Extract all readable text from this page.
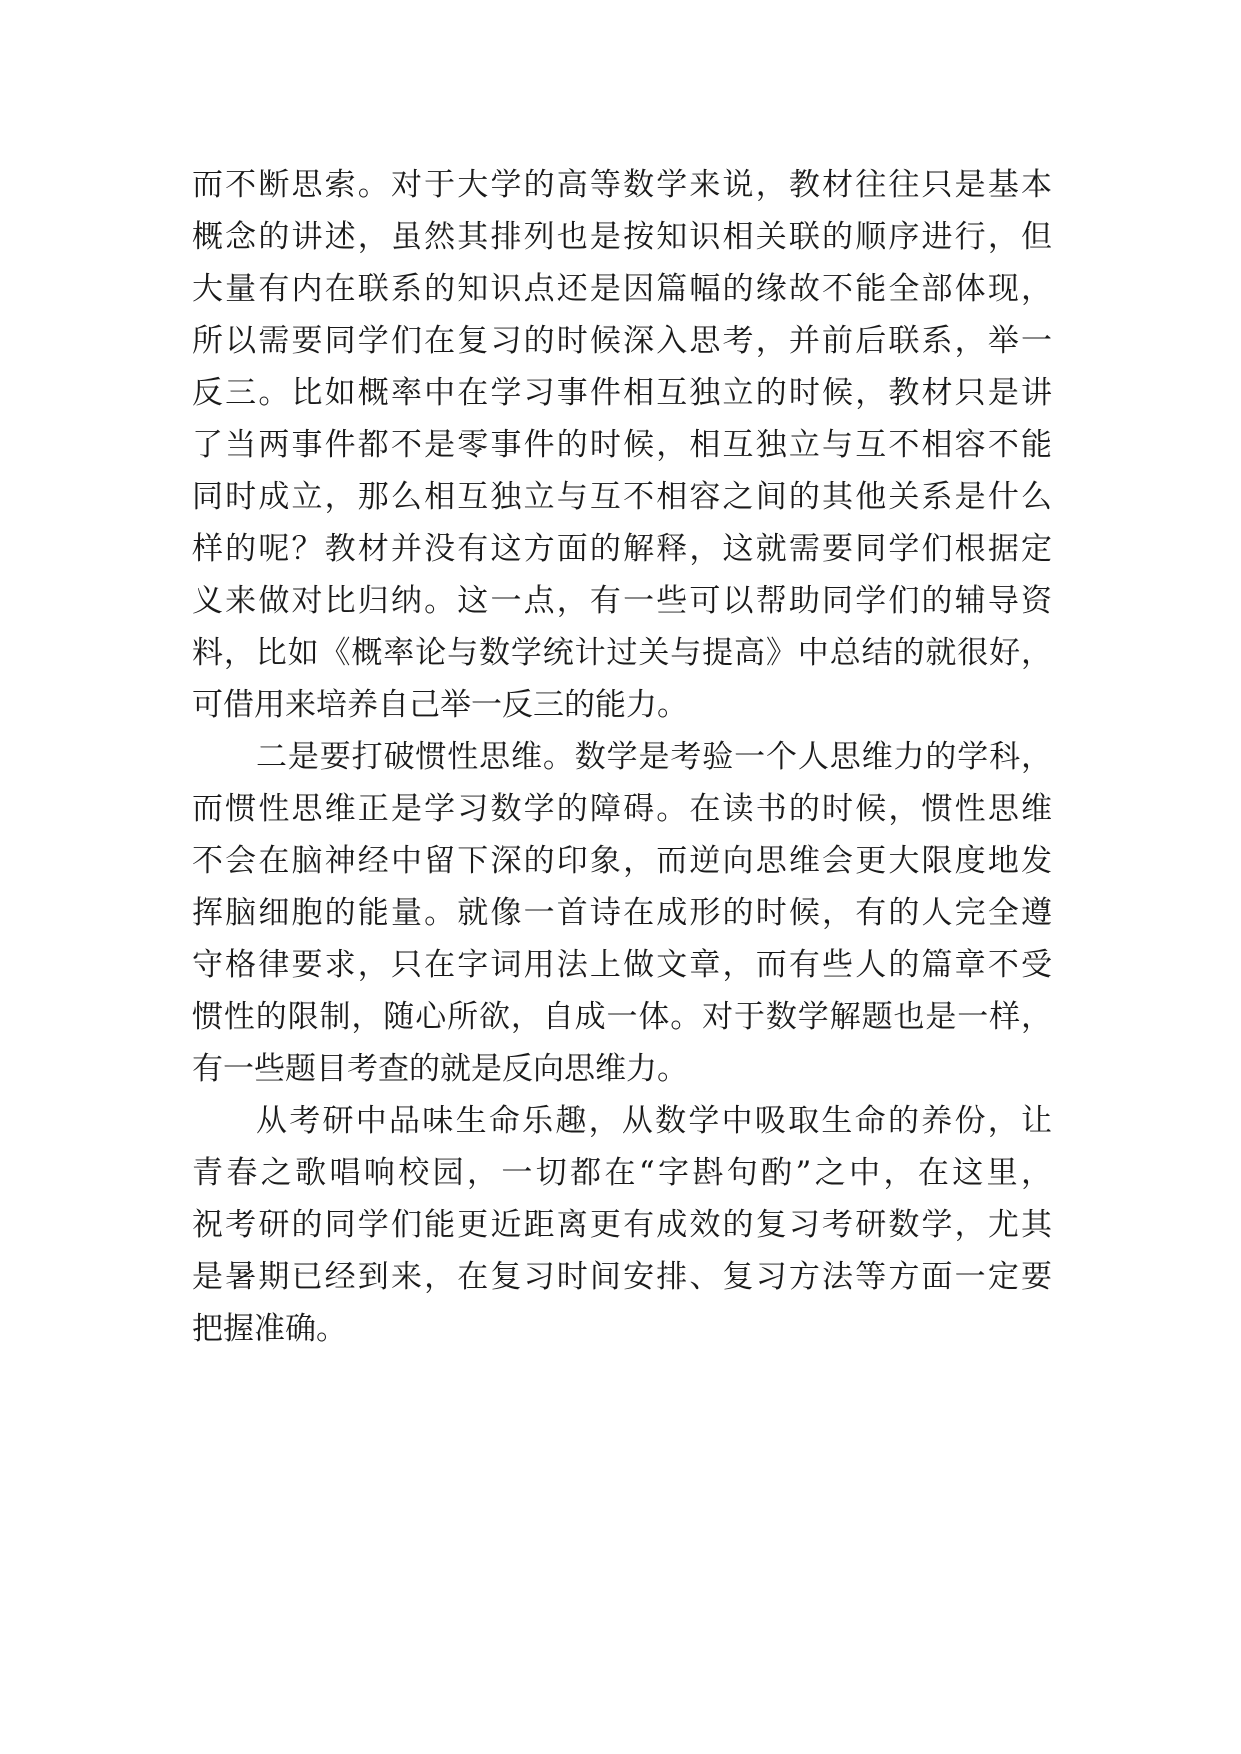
而不断思索。对于大学的高等数学来说，教材往往只是基本
概念的讲述，虽然其排列也是按知识相关联的顺序进行，但
大量有内在联系的知识点还是因篇幅的缘故不能全部体现，
所以需要同学们在复习的时候深入思考，并前后联系，举一
反三。比如概率中在学习事件相互独立的时候，教材只是讲
了当两事件都不是零事件的时候，相互独立与互不相容不能
同时成立，那么相互独立与互不相容之间的其他关系是什么
样的呢？教材并没有这方面的解释，这就需要同学们根据定
义来做对比归纳。这一点，有一些可以帮助同学们的辅导资
料，比如《概率论与数学统计过关与提高》中总结的就很好，
可借用来培养自己举一反三的能力。
二是要打破惯性思维。数学是考验一个人思维力的学科，
而惯性思维正是学习数学的障碍。在读书的时候，惯性思维
不会在脑神经中留下深的印象，而逆向思维会更大限度地发
挥脑细胞的能量。就像一首诗在成形的时候，有的人完全遵
守格律要求，只在字词用法上做文章，而有些人的篇章不受
惯性的限制，随心所欲，自成一体。对于数学解题也是一样，
有一些题目考查的就是反向思维力。
从考研中品味生命乐趣，从数学中吸取生命的养份，让
青春之歌唱响校园，一切都在“字斟句酌”之中，在这里，
祝考研的同学们能更近距离更有成效的复习考研数学，尤其
是暑期已经到来，在复习时间安排、复习方法等方面一定要
把握准确。
